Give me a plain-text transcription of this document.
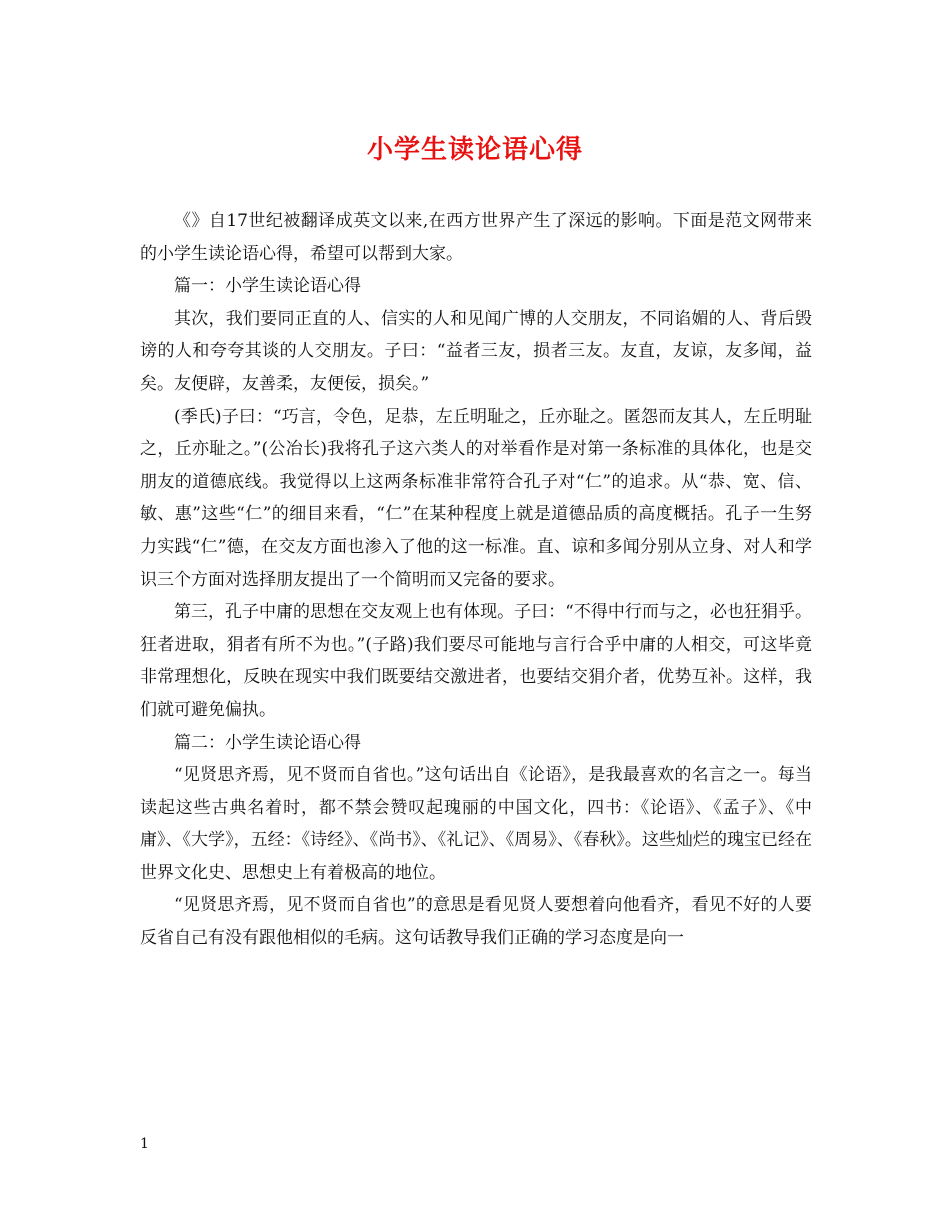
小学生读论语心得

《》自17世纪被翻译成英文以来,在西方世界产生了深远的影响。下面是范文网带来的小学生读论语心得，希望可以帮到大家。

篇一：小学生读论语心得

其次，我们要同正直的人、信实的人和见闻广博的人交朋友，不同谄媚的人、背后毁谤的人和夸夸其谈的人交朋友。子曰：“益者三友，损者三友。友直，友谅，友多闻，益矣。友便辟，友善柔，友便佞，损矣。”

(季氏)子曰：“巧言，令色，足恭，左丘明耻之，丘亦耻之。匿怨而友其人，左丘明耻之，丘亦耻之。”(公冶长)我将孔子这六类人的对举看作是对第一条标准的具体化，也是交朋友的道德底线。我觉得以上这两条标准非常符合孔子对“仁”的追求。从“恭、宽、信、敏、惠”这些“仁”的细目来看，“仁”在某种程度上就是道德品质的高度概括。孔子一生努力实践“仁”德，在交友方面也渗入了他的这一标准。直、谅和多闻分别从立身、对人和学识三个方面对选择朋友提出了一个简明而又完备的要求。

第三，孔子中庸的思想在交友观上也有体现。子曰：“不得中行而与之，必也狂狷乎。狂者进取，狷者有所不为也。”(子路)我们要尽可能地与言行合乎中庸的人相交，可这毕竟非常理想化，反映在现实中我们既要结交激进者，也要结交狷介者，优势互补。这样，我们就可避免偏执。

篇二：小学生读论语心得

“见贤思齐焉，见不贤而自省也。”这句话出自《论语》，是我最喜欢的名言之一。每当读起这些古典名着时，都不禁会赞叹起瑰丽的中国文化，四书：《论语》、《孟子》、《中庸》、《大学》，五经：《诗经》、《尚书》、《礼记》、《周易》、《春秋》。这些灿烂的瑰宝已经在世界文化史、思想史上有着极高的地位。

“见贤思齐焉，见不贤而自省也”的意思是看见贤人要想着向他看齐，看见不好的人要反省自己有没有跟他相似的毛病。这句话教导我们正确的学习态度是向一

1
